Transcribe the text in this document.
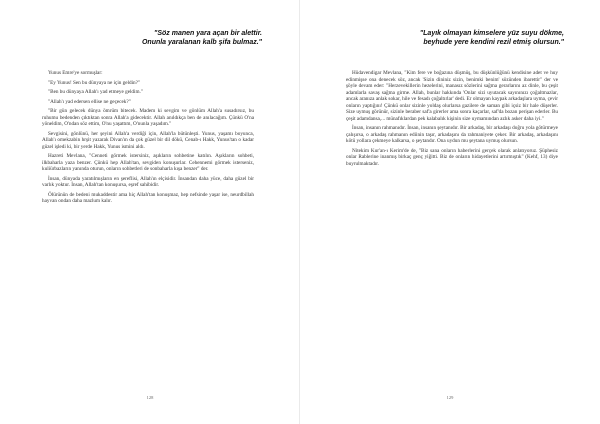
"Söz manen yara açan bir alettir.
Onunla yaralanan kalb şifa bulmaz."

Yunus Emre'ye sormuşlar:

"Ey Yunus! Sen bu dünyaya ne için geldin?"

"Ben bu dünyaya Allah'ı yad etmeye geldim."

"Allah'ı yad edersen ellise ne geçecek?"

"Bir gün gelecek dünya ömrüm bitecek. Madem ki sevgim ve gönlüm Allah'a susadırsız, bu ruhumu bedenden çıktıktan sonra Allah'a gidecektir. Allah anıldıkça ben de anılacağım. Çünkü O'na yöneldim, O'ndan söz ettim, O'nu yaşattım, O'nunla yaşadım."

Sevgisini, gönlünü, her şeyini Allah'a verdiği için, Allah'la bütünleşti. Yunus, yaşamı boyunca, Allah'ı omekzabin hrşit yazarak Divan'ın da çok güzel bir dil dökü, Cenab-ı Hakk, Yunus'tan o kadar güzel işledi ki, bir yerde Hakk, Yunus ismini aldı.

Hazreti Mevlana, "Cenneti görmek istersiniz, aşıkların sohbetine katılın. Aşıkların sohbeti, ilkbaharla yaza benzer. Çünkü hep Allah'tan, sevgiden konuşurlar. Cehennemi görmek isterseniz, kuliürbazların yanında oturun, onların sohbetleri de sonbaharla kışa benzer" der.

İnsan, dünyada yaratılmışların en şereflisi, Allah'ın elçisidir. İnsandan daha yüce, daha güzel bir varlık yoktur. İnsan, Allah'tan konuşursa, eşref sahibidir.

Ölürünün de bedeni mukaddestir ama hiç Allah'tan konuşmaz, hep nefsinde yaşar ise, neurdbillah hayvan ondan daha mazlum kalır.

128
"Layık olmayan kimselere yüz suyu dökme,
beyhude yere kendini rezil etmiş olursun."

Hüdavendigar Mevlana, "Kim fere ve boğazına düşmüş, bu düşkünlüğünü kendisine adet ve huy edinmişse ona denecek söz, ancak 'Sizin dininiz sizin, benimki benim' sözünden ibarettir" der ve şöyle devam eder: "Herzevekillerin hezelerini, manasız sözlerini sağma gerarlarını az dinle, bu çeşit adamlarla savaş sağma girme. Allah, bunlar hakkında 'Onlar sizi uyutacak sayınınızı çoğaltmazlar, ancak aranıza anlak sokar, hile ve fesadı çoğaltırlar' dedi. Er olmayan kaypak arkadaşlara uyma, çevir onların yaptığını! Çünkü onlar sizinle yoldaş olurlarsa gazilere de saman gibi içsiz bir hale düşerler. Size uymuş görünür, sizinle beraber saf'a girerler ama sonra kaçarlar, saf'da bozan perişan ederler. Bu çeşit adamdansa,... münafıklardan pek kalabalık kişinin size uymamından azlık asker daha iyi."

İnsan, insanın rahmanıdır. İnsan, insanın şeytanıdır. Bir arkadaş, bir arkadaşı doğru yola götürmeye çalışırsa, o arkadaş rahmanın ediinin taşır, arkadaşını da rahmaniyete çeker. Bir arkadaş, arkadaşını kötü yollara çekmeye kalkarsa, o şeytandır. Ona uydun mu şeytana uymuş olursun.

Nitekim Kur'an-ı Kerim'de de, "Biz sana onların haberlerini gerçek olarak anlatıyoruz. Şüphesiz onlar Rablerine inanmış birkaç genç yiğitti. Biz de onların hidayetlerini artırmıştık" (Kehf, 13) diye buyrulmaktadır.

129
